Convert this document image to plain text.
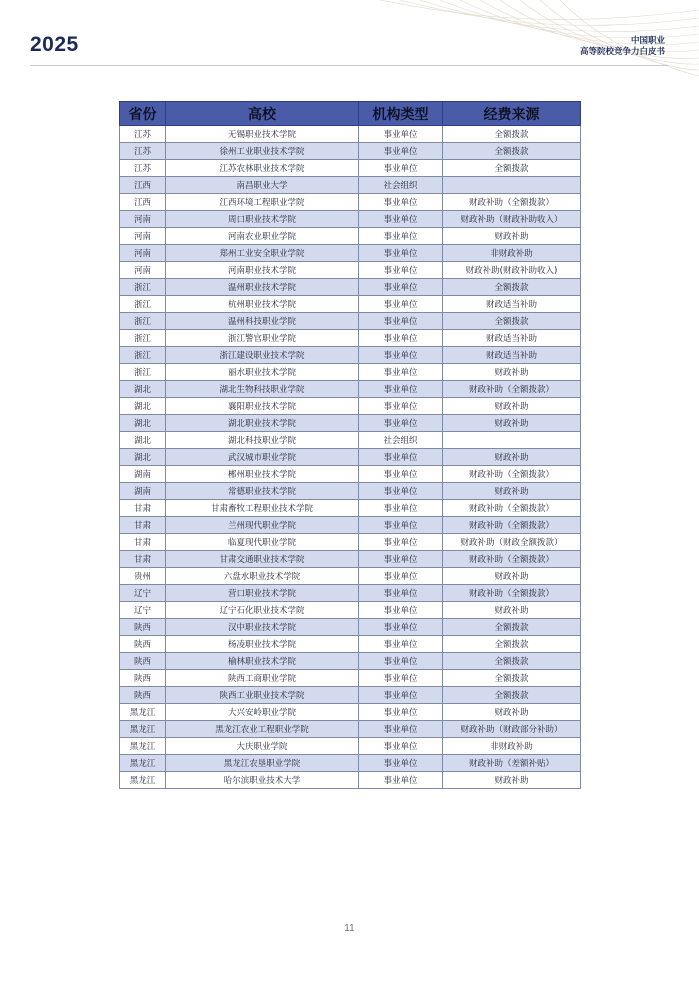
2025	中国职业
高等院校竞争力白皮书
省份	高校	机构类型	经费来源
江苏	无锡职业技术学院	事业单位	全额拨款
江苏	徐州工业职业技术学院	事业单位	全额拨款
江苏	江苏农林职业技术学院	事业单位	全额拨款
江西	南昌职业大学	社会组织	
江西	江西环境工程职业学院	事业单位	财政补助（全额拨款）
河南	周口职业技术学院	事业单位	财政补助（财政补助收入）
河南	河南农业职业学院	事业单位	财政补助
河南	郑州工业安全职业学院	事业单位	非财政补助
河南	河南职业技术学院	事业单位	财政补助(财政补助收入)
浙江	温州职业技术学院	事业单位	全额拨款
浙江	杭州职业技术学院	事业单位	财政适当补助
浙江	温州科技职业学院	事业单位	全额拨款
浙江	浙江警官职业学院	事业单位	财政适当补助
浙江	浙江建设职业技术学院	事业单位	财政适当补助
浙江	丽水职业技术学院	事业单位	财政补助
湖北	湖北生物科技职业学院	事业单位	财政补助（全额拨款）
湖北	襄阳职业技术学院	事业单位	财政补助
湖北	湖北职业技术学院	事业单位	财政补助
湖北	湖北科技职业学院	社会组织	
湖北	武汉城市职业学院	事业单位	财政补助
湖南	郴州职业技术学院	事业单位	财政补助（全额拨款）
湖南	常德职业技术学院	事业单位	财政补助
甘肃	甘肃畜牧工程职业技术学院	事业单位	财政补助（全额拨款）
甘肃	兰州现代职业学院	事业单位	财政补助（全额拨款）
甘肃	临夏现代职业学院	事业单位	财政补助（财政全额拨款）
甘肃	甘肃交通职业技术学院	事业单位	财政补助（全额拨款）
贵州	六盘水职业技术学院	事业单位	财政补助
辽宁	营口职业技术学院	事业单位	财政补助（全额拨款）
辽宁	辽宁石化职业技术学院	事业单位	财政补助
陕西	汉中职业技术学院	事业单位	全额拨款
陕西	杨凌职业技术学院	事业单位	全额拨款
陕西	榆林职业技术学院	事业单位	全额拨款
陕西	陕西工商职业学院	事业单位	全额拨款
陕西	陕西工业职业技术学院	事业单位	全额拨款
黑龙江	大兴安岭职业学院	事业单位	财政补助
黑龙江	黑龙江农业工程职业学院	事业单位	财政补助（财政部分补助）
黑龙江	大庆职业学院	事业单位	非财政补助
黑龙江	黑龙江农垦职业学院	事业单位	财政补助（差额补贴）
黑龙江	哈尔滨职业技术大学	事业单位	财政补助
11
